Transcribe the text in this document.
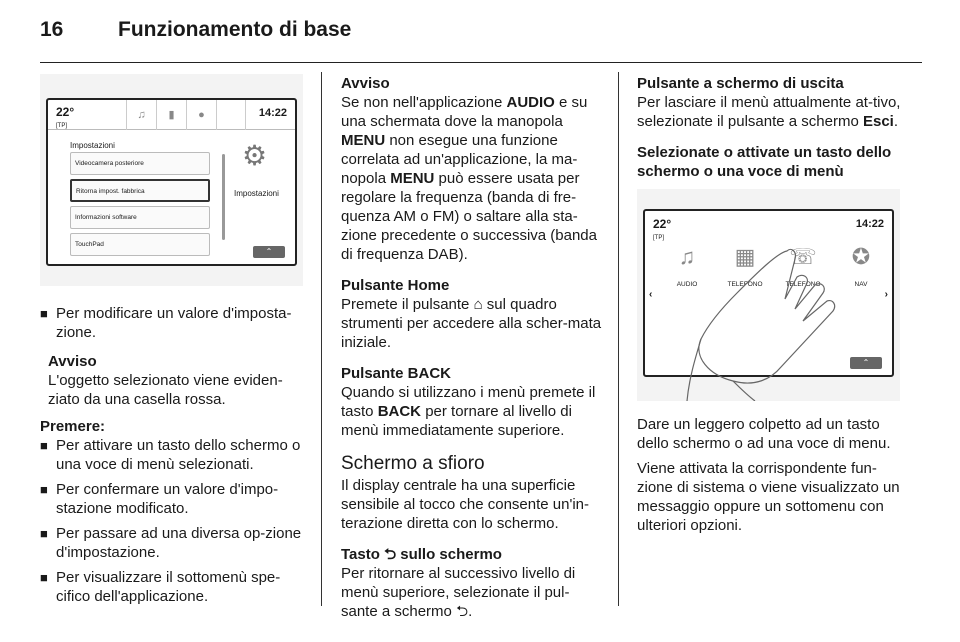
16	Funzionamento di base
22°
[TP]
♫	▮	●	14:22
Impostazioni
Videocamera posteriore
Ritorna impost. fabbrica
Informazioni software
TouchPad
⚙
Impostazioni
⌃
■ Per modificare un valore d'imposta-zione.
Avviso
L'oggetto selezionato viene eviden-ziato da una casella rossa.
Premere:
■ Per attivare un tasto dello schermo o una voce di menù selezionati.
■ Per confermare un valore d'impo-stazione modificato.
■ Per passare ad una diversa op-zione d'impostazione.
■ Per visualizzare il sottomenù spe-cifico dell'applicazione.
Avviso
Se non nell'applicazione AUDIO e su una schermata dove la manopola MENU non esegue una funzione correlata ad un'applicazione, la ma-nopola MENU può essere usata per regolare la frequenza (banda di fre-quenza AM o FM) o saltare alla sta-zione precedente o successiva (banda di frequenza DAB).
Pulsante Home
Premete il pulsante ⌂ sul quadro strumenti per accedere alla scher-mata iniziale.
Pulsante BACK
Quando si utilizzano i menù premete il tasto BACK per tornare al livello di menù immediatamente superiore.
Schermo a sfioro
Il display centrale ha una superficie sensibile al tocco che consente un'in-terazione diretta con lo schermo.
Tasto ⮌ sullo schermo
Per ritornare al successivo livello di menù superiore, selezionate il pul-sante a schermo ⮌.
Pulsante a schermo di uscita
Per lasciare il menù attualmente at-tivo, selezionate il pulsante a schermo Esci.
Selezionate o attivate un tasto dello schermo o una voce di menù
22°
[TP]
14:22
♫	▦	☏	✪
AUDIO	TELEFONO	TELEFONO	NAV
‹	›
⌃
Dare un leggero colpetto ad un tasto dello schermo o ad una voce di menu.
Viene attivata la corrispondente fun-zione di sistema o viene visualizzato un messaggio oppure un sottomenu con ulteriori opzioni.
